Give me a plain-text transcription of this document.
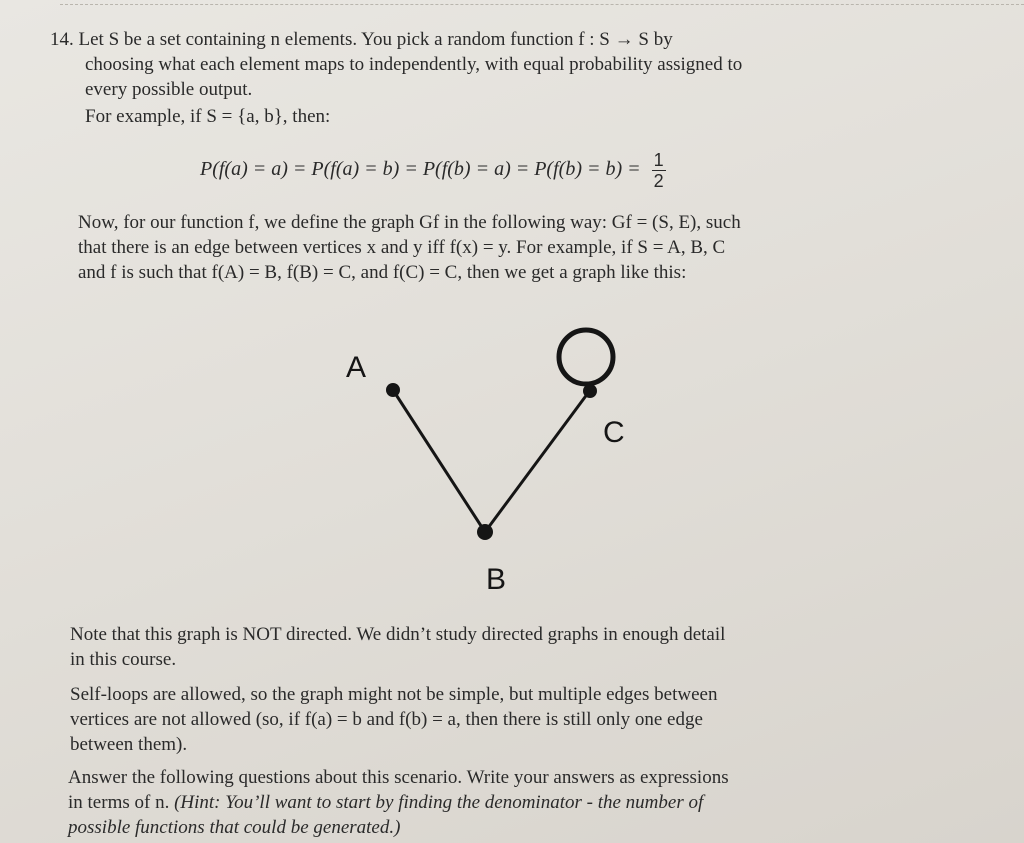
14. Let S be a set containing n elements. You pick a random function f : S → S by
choosing what each element maps to independently, with equal probability assigned to
every possible output.
For example, if S = {a, b}, then:
$P(f(a) = a) = P(f(a) = b) = P(f(b) = a) = P(f(b) = b) = \frac{1}{2}$
Now, for our function f, we define the graph Gf in the following way: Gf = (S, E), such
that there is an edge between vertices x and y iff f(x) = y. For example, if S = A, B, C
and f is such that f(A) = B, f(B) = C, and f(C) = C, then we get a graph like this:
A
B
C
Note that this graph is NOT directed. We didn’t study directed graphs in enough detail
in this course.
Self-loops are allowed, so the graph might not be simple, but multiple edges between
vertices are not allowed (so, if f(a) = b and f(b) = a, then there is still only one edge
between them).
Answer the following questions about this scenario. Write your answers as expressions
in terms of n. (Hint: You’ll want to start by finding the denominator - the number of
possible functions that could be generated.)
